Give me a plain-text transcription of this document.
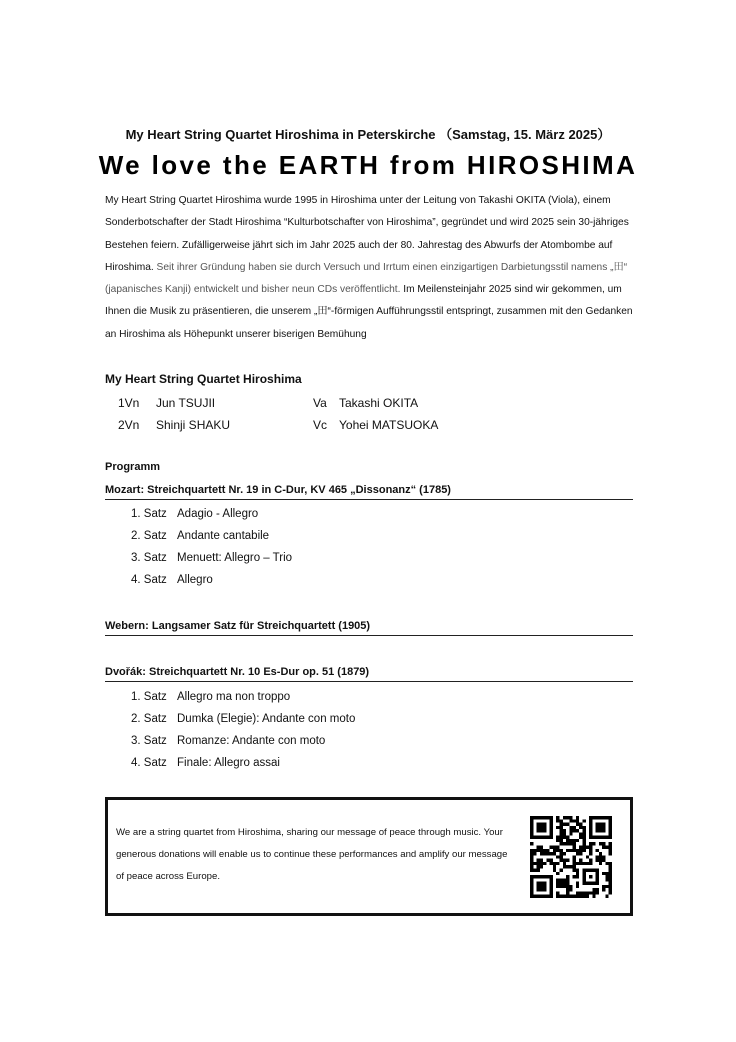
My Heart String Quartet Hiroshima in Peterskirche （Samstag, 15. März 2025）
We love the EARTH from HIROSHIMA
My Heart String Quartet Hiroshima wurde 1995 in Hiroshima unter der Leitung von Takashi OKITA (Viola), einem Sonderbotschafter der Stadt Hiroshima “Kulturbotschafter von Hiroshima”, gegründet und wird 2025 sein 30-jähriges Bestehen feiern. Zufälligerweise jährt sich im Jahr 2025 auch der 80. Jahrestag des Abwurfs der Atombombe auf Hiroshima. Seit ihrer Gründung haben sie durch Versuch und Irrtum einen einzigartigen Darbietungsstil namens „田“ (japanisches Kanji) entwickelt und bisher neun CDs veröffentlicht. Im Meilensteinjahr 2025 sind wir gekommen, um Ihnen die Musik zu präsentieren, die unserem „田“-förmigen Aufführungsstil entspringt, zusammen mit den Gedanken an Hiroshima als Höhepunkt unserer biserigen Bemühung
My Heart String Quartet Hiroshima
1Vn Jun TSUJII
2Vn Shinji SHAKU
Va Takashi OKITA
Vc Yohei MATSUOKA
Programm
Mozart: Streichquartett Nr. 19 in C-Dur, KV 465 „Dissonanz“ (1785)
1. Satz Adagio - Allegro
2. Satz Andante cantabile
3. Satz Menuett: Allegro – Trio
4. Satz Allegro
Webern: Langsamer Satz für Streichquartett (1905)
Dvořák: Streichquartett Nr. 10 Es-Dur op. 51 (1879)
1. Satz Allegro ma non troppo
2. Satz Dumka (Elegie): Andante con moto
3. Satz Romanze: Andante con moto
4. Satz Finale: Allegro assai
We are a string quartet from Hiroshima, sharing our message of peace through music. Your generous donations will enable us to continue these performances and amplify our message of peace across Europe.
